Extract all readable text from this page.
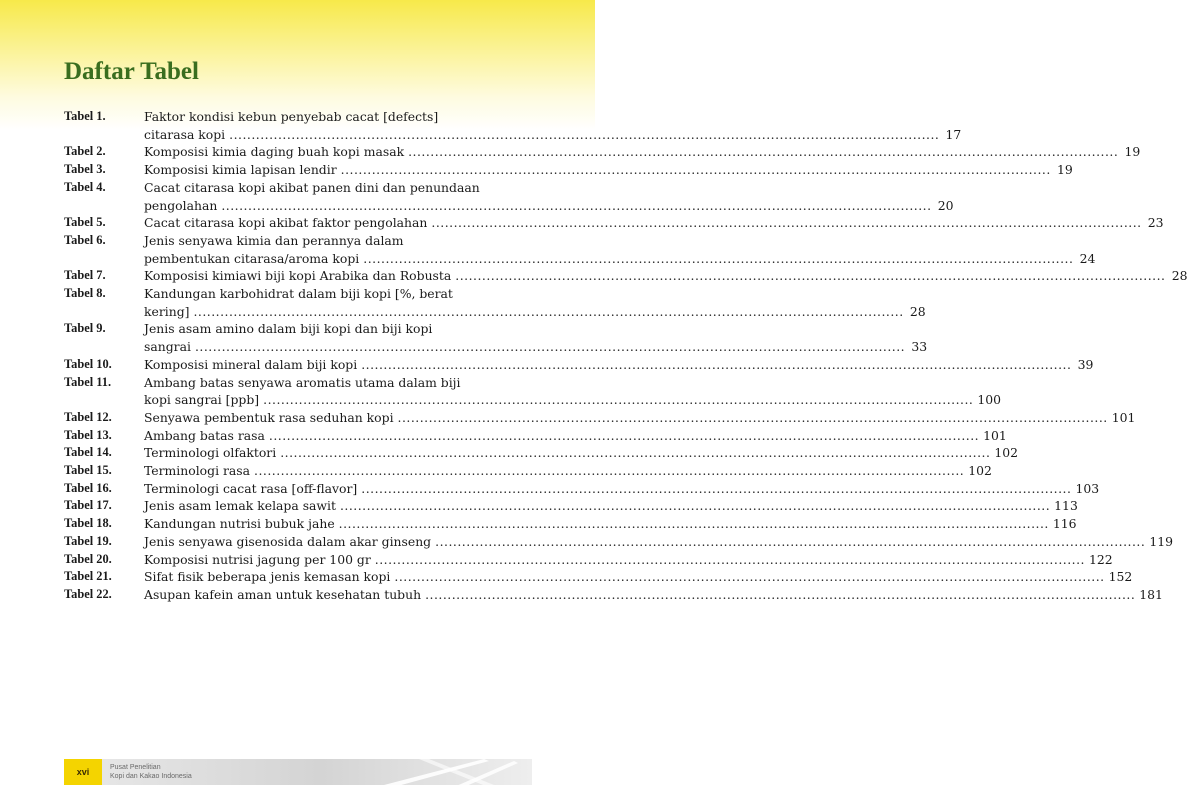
Daftar Tabel
Tabel 1.	Faktor kondisi kebun penyebab cacat [defects]
citarasa kopi .....	17
Tabel 2.	Komposisi kimia daging buah kopi masak .....	19
Tabel 3.	Komposisi kimia lapisan lendir .....	19
Tabel 4.	Cacat citarasa kopi akibat panen dini dan penundaan
pengolahan .....	20
Tabel 5.	Cacat citarasa kopi akibat faktor pengolahan .....	23
Tabel 6.	Jenis senyawa kimia dan perannya dalam
pembentukan citarasa/aroma kopi .....	24
Tabel 7.	Komposisi kimiawi biji kopi Arabika dan Robusta .....	28
Tabel 8.	Kandungan karbohidrat dalam biji kopi [%, berat
kering] .....	28
Tabel 9.	Jenis asam amino dalam biji kopi dan biji kopi
sangrai .....	33
Tabel 10.	Komposisi mineral dalam biji kopi .....	39
Tabel 11.	Ambang batas senyawa aromatis utama dalam biji
kopi sangrai [ppb] .....	100
Tabel 12.	Senyawa pembentuk rasa seduhan kopi .....	101
Tabel 13.	Ambang batas rasa .....	101
Tabel 14.	Terminologi olfaktori .....	102
Tabel 15.	Terminologi rasa .....	102
Tabel 16.	Terminologi cacat rasa [off-flavor] .....	103
Tabel 17.	Jenis asam lemak kelapa sawit .....	113
Tabel 18.	Kandungan nutrisi bubuk jahe .....	116
Tabel 19.	Jenis senyawa gisenosida dalam akar ginseng .....	119
Tabel 20.	Komposisi nutrisi jagung per 100 gr .....	122
Tabel 21.	Sifat fisik beberapa jenis kemasan kopi .....	152
Tabel 22.	Asupan kafein aman untuk kesehatan tubuh .....	181
xvi	Pusat Penelitian
Kopi dan Kakao Indonesia
